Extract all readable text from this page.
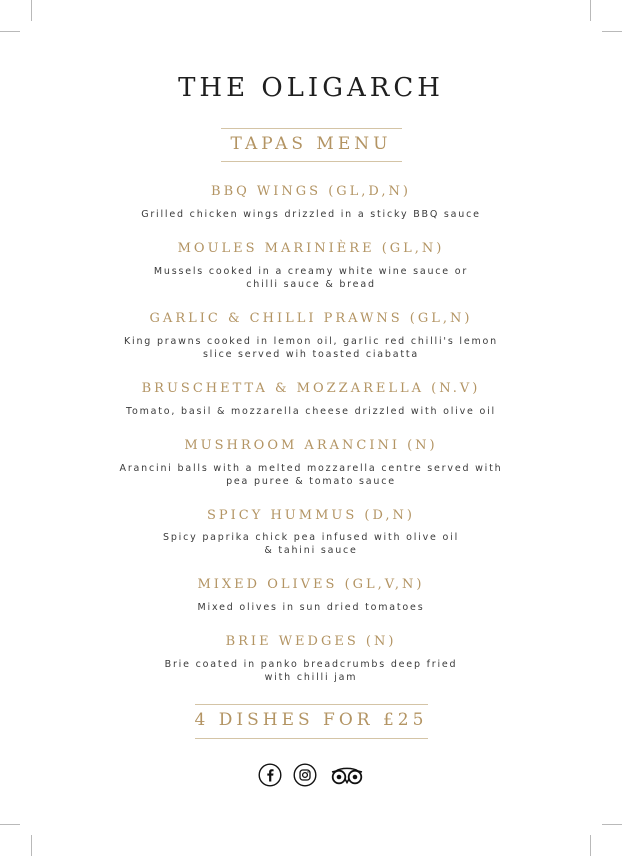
THE OLIGARCH
TAPAS MENU
BBQ WINGS (GL,D,N)
Grilled chicken wings drizzled in a sticky BBQ sauce
MOULES MARINIÈRE (GL,N)
Mussels cooked in a creamy white wine sauce or
chilli sauce & bread
GARLIC & CHILLI PRAWNS (GL,N)
King prawns cooked in lemon oil, garlic red chilli's lemon
slice served wih toasted ciabatta
BRUSCHETTA & MOZZARELLA (N.V)
Tomato, basil & mozzarella cheese drizzled with olive oil
MUSHROOM ARANCINI (N)
Arancini balls with a melted mozzarella centre served with
pea puree & tomato sauce
SPICY HUMMUS (D,N)
Spicy paprika chick pea infused with olive oil
& tahini sauce
MIXED OLIVES (GL,V,N)
Mixed olives in sun dried tomatoes
BRIE WEDGES (N)
Brie coated in panko breadcrumbs deep fried
with chilli jam
4 DISHES FOR £25
